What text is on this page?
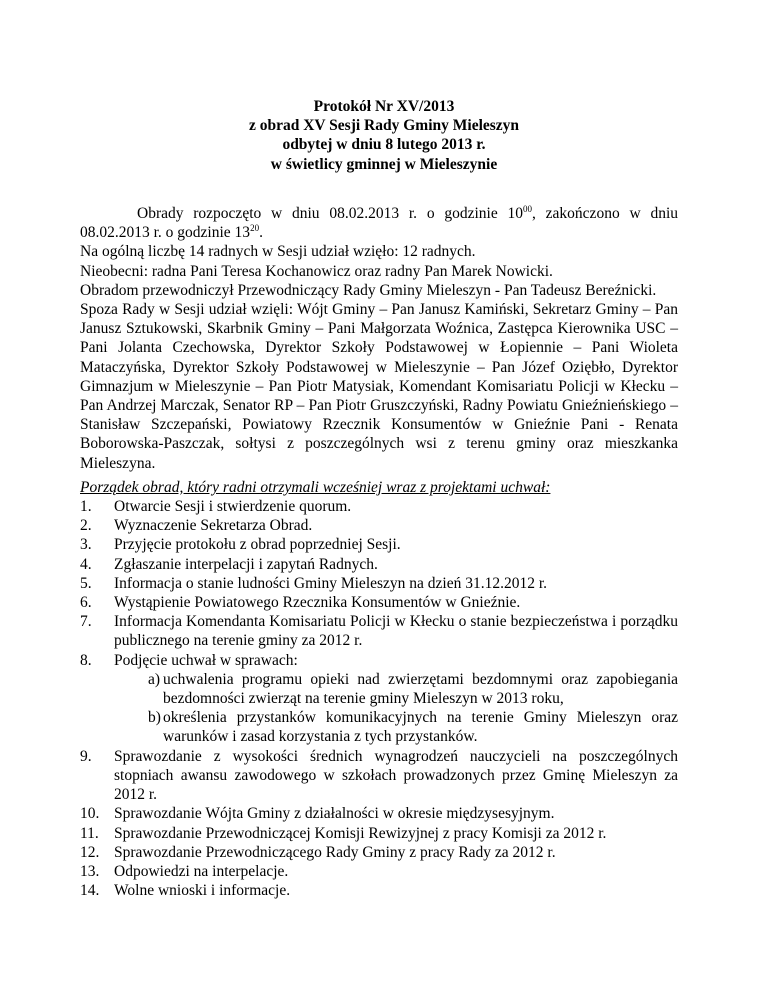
Protokół Nr XV/2013
z obrad XV Sesji Rady Gminy Mieleszyn
odbytej w dniu 8 lutego 2013 r.
w świetlicy gminnej w Mieleszynie
Obrady rozpoczęto w dniu 08.02.2013 r. o godzinie $10^{00}$, zakończono w dniu 08.02.2013 r. o godzinie $13^{20}$.
Na ogólną liczbę 14 radnych w Sesji udział wzięło: 12 radnych.
Nieobecni: radna Pani Teresa Kochanowicz oraz radny Pan Marek Nowicki.
Obradom przewodniczył Przewodniczący Rady Gminy Mieleszyn - Pan Tadeusz Bereźnicki.
Spoza Rady w Sesji udział wzięli: Wójt Gminy – Pan Janusz Kamiński, Sekretarz Gminy – Pan Janusz Sztukowski, Skarbnik Gminy – Pani Małgorzata Woźnica, Zastępca Kierownika USC – Pani Jolanta Czechowska, Dyrektor Szkoły Podstawowej w Łopiennie – Pani Wioleta Mataczyńska, Dyrektor Szkoły Podstawowej w Mieleszynie – Pan Józef Oziębło, Dyrektor Gimnazjum w Mieleszynie – Pan Piotr Matysiak, Komendant Komisariatu Policji w Kłecku – Pan Andrzej Marczak, Senator RP – Pan Piotr Gruszczyński, Radny Powiatu Gnieźnieńskiego – Stanisław Szczepański, Powiatowy Rzecznik Konsumentów w Gnieźnie Pani - Renata Boborowska-Paszczak, sołtysi z poszczególnych wsi z terenu gminy oraz mieszkanka Mieleszyna.
Porządek obrad, który radni otrzymali wcześniej wraz z projektami uchwał:
1.	Otwarcie Sesji i stwierdzenie quorum.
2.	Wyznaczenie Sekretarza Obrad.
3.	Przyjęcie protokołu z obrad poprzedniej Sesji.
4.	Zgłaszanie interpelacji i zapytań Radnych.
5.	Informacja o stanie ludności Gminy Mieleszyn na dzień 31.12.2012 r.
6.	Wystąpienie Powiatowego Rzecznika Konsumentów w Gnieźnie.
7.	Informacja Komendanta Komisariatu Policji w Kłecku o stanie bezpieczeństwa i porządku publicznego na terenie gminy za 2012 r.
8.	Podjęcie uchwał w sprawach:
a) uchwalenia programu opieki nad zwierzętami bezdomnymi oraz zapobiegania bezdomności zwierząt na terenie gminy Mieleszyn w 2013 roku,
b) określenia przystanków komunikacyjnych na terenie Gminy Mieleszyn oraz warunków i zasad korzystania z tych przystanków.
9.	Sprawozdanie z wysokości średnich wynagrodzeń nauczycieli na poszczególnych stopniach awansu zawodowego w szkołach prowadzonych przez Gminę Mieleszyn za 2012 r.
10. Sprawozdanie Wójta Gminy z działalności w okresie międzysesyjnym.
11. Sprawozdanie Przewodniczącej Komisji Rewizyjnej z pracy Komisji za 2012 r.
12. Sprawozdanie Przewodniczącego Rady Gminy z pracy Rady za 2012 r.
13. Odpowiedzi na interpelacje.
14. Wolne wnioski i informacje.
